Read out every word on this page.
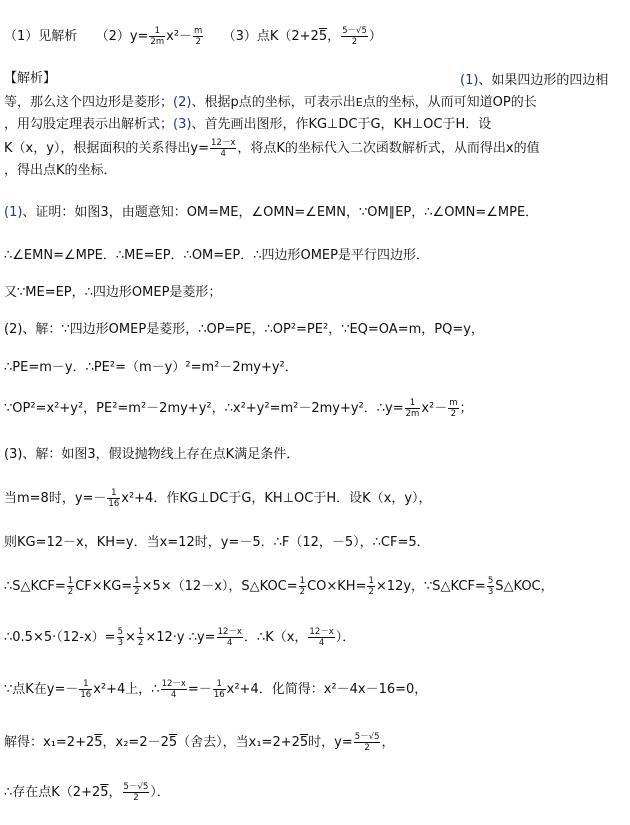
（1）见解析 $(2)y= \frac{1}{2m} x^2- \frac{m}{2} (3)$点K（2+25， $\frac{5-√5}{2}$ ）
【解析】	(1)、如果四边形的四边相
等，那么这个四边形是菱形；(2)、根据p点的坐标，可表示出E点的坐标，从而可知道OP的长
，用勾股定理表示出解析式；(3)、首先画出图形，作KG⊥DC于G，KH⊥OC于H．设
K（x，y），根据面积的关系得出$y= \frac{12-x}{4}$ ，将点K的坐标代入二次函数解析式，从而得出x的值
，得出点K的坐标．
(1)、证明：如图3，由题意知：OM=ME，∠OMN=∠EMN，∵OM∥EP，∴∠OMN=∠MPE．
∴∠EMN=∠MPE．∴ME=EP．∴OM=EP．∴四边形OMEP是平行四边形．
又∵ME=EP，∴四边形OMEP是菱形；
(2)、解：∵四边形OMEP是菱形，∴OP=PE，∴OP²=PE²，∵EQ=OA=m，PQ=y，
∴PE=m－y．∴PE²=（m－y）²=m²－2my+y²．
∵OP²=x²+y²，PE²=m²－2my+y²，∴x²+y²=m²－2my+y²．∴y= $\frac{1}{2m} x^2- \frac{m}{2}$ ；
(3)、解：如图3，假设抛物线上存在点K满足条件．
当m=8时，$y=- \frac{1}{16} x^2+4$．作KG⊥DC于G，KH⊥OC于H．设K（x，y），
则KG=12－x，KH=y．当x=12时，y=－5．∴F（12，－5），∴CF=5．
∴S△KCF= $\frac{1}{2} CF\times KG= \frac{1}{2} \times 5\times(12-x)$，S△KOC= $\frac{1}{2} CO\times KH= \frac{1}{2} \times 12y$，∵S△KCF= $\frac{5}{3}$ S△KOC，
∴0.5×5·（12-x）= $\frac{5}{3} \times \frac{1}{2} \times 12\cdot y$ ∴y= $\frac{12-x}{4}$ ．∴K（x， $\frac{12-x}{4}$ ）．
∵点K在$y=- \frac{1}{16} x^2+4$上，∴ $\frac{12-x}{4} =- \frac{1}{16} x^2+4$．化简得：x²－4x－16=0，
解得：x₁=2+25，x₂=2－25（舍去），当x₁=2+25时，$y= \frac{5-√5}{2}$ ，
∴存在点K（2+25， $\frac{5-√5}{2}$ ）．
